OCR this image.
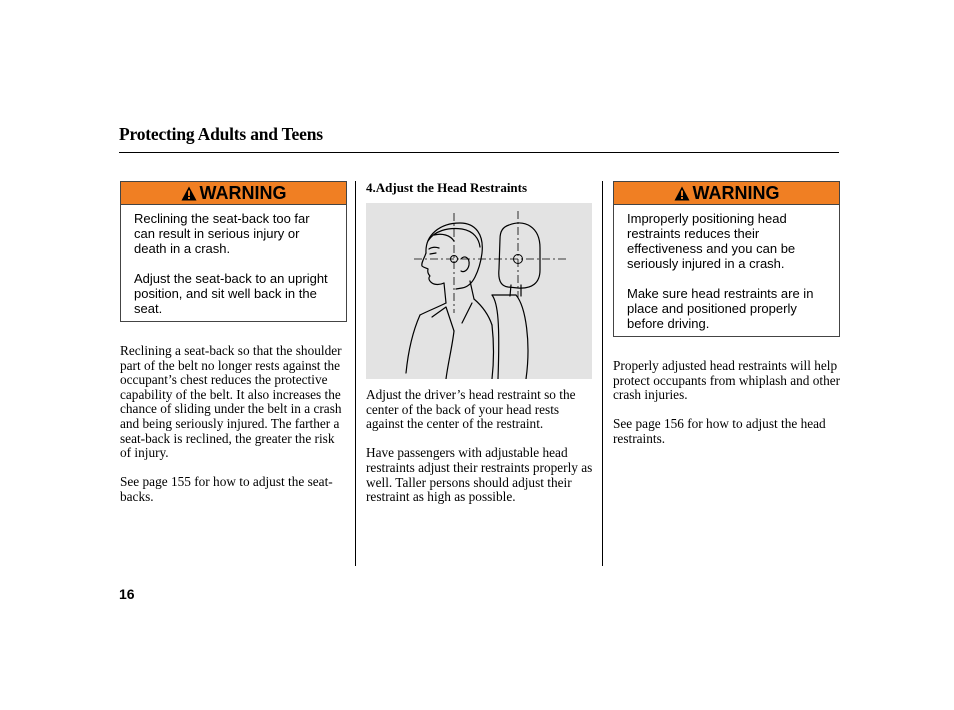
Protecting Adults and Teens
WARNING

Reclining the seat-back too far can result in serious injury or death in a crash.

Adjust the seat-back to an upright position, and sit well back in the seat.

Reclining a seat-back so that the shoulder part of the belt no longer rests against the occupant’s chest reduces the protective capability of the belt. It also increases the chance of sliding under the belt in a crash and being seriously injured. The farther a seat-back is reclined, the greater the risk of injury.

See page 155 for how to adjust the seat-backs.

4.Adjust the Head Restraints

Adjust the driver’s head restraint so the center of the back of your head rests against the center of the restraint.

Have passengers with adjustable head restraints adjust their restraints properly as well. Taller persons should adjust their restraint as high as possible.

WARNING

Improperly positioning head restraints reduces their effectiveness and you can be seriously injured in a crash.

Make sure head restraints are in place and positioned properly before driving.

Properly adjusted head restraints will help protect occupants from whiplash and other crash injuries.

See page 156 for how to adjust the head restraints.

16
